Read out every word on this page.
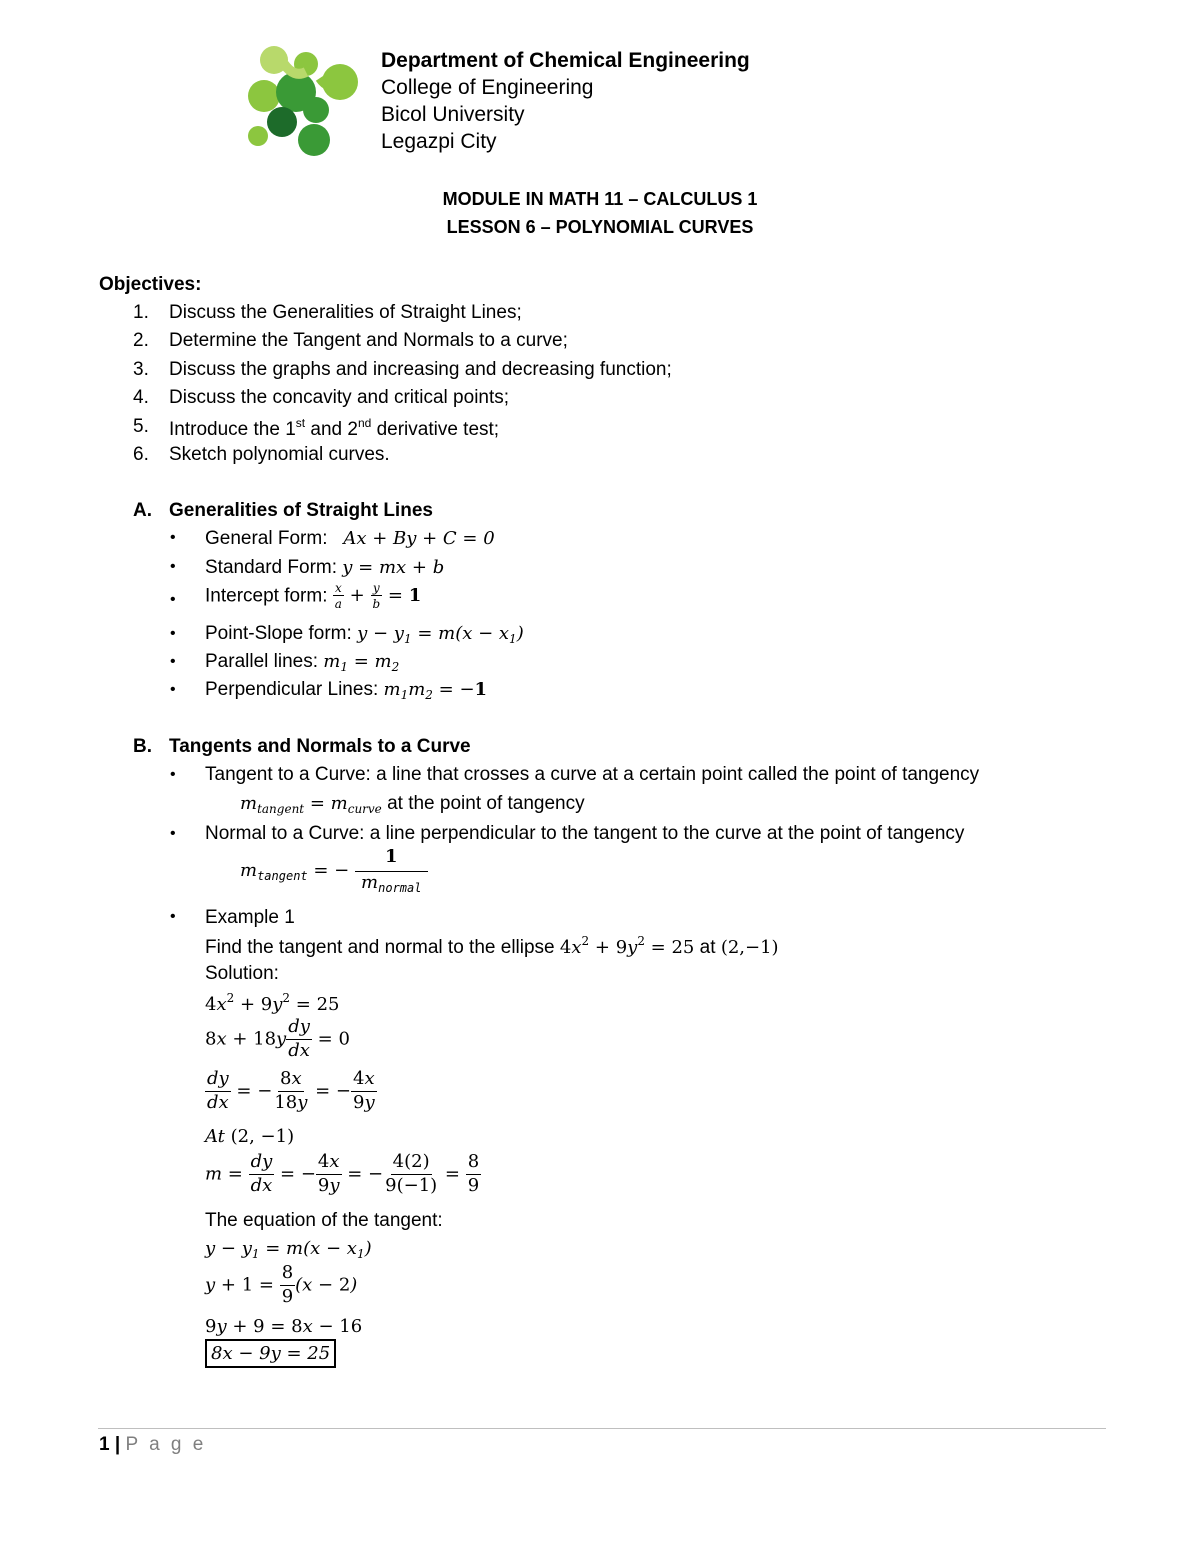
Department of Chemical Engineering
College of Engineering
Bicol University
Legazpi City
MODULE IN MATH 11 – CALCULUS 1
LESSON 6 – POLYNOMIAL CURVES
Objectives:
1. Discuss the Generalities of Straight Lines;
2. Determine the Tangent and Normals to a curve;
3. Discuss the graphs and increasing and decreasing function;
4. Discuss the concavity and critical points;
5. Introduce the 1st and 2nd derivative test;
6. Sketch polynomial curves.
A. Generalities of Straight Lines
• General Form: Ax + By + C = 0
• Standard Form: y = mx + b
• Intercept form: $\frac{x}{a} + \frac{y}{b} = 1$
• Point-Slope form: $y - y_1 = m(x - x_1)$
• Parallel lines: $m_1 = m_2$
• Perpendicular Lines: $m_1m_2 = -1$
B. Tangents and Normals to a Curve
• Tangent to a Curve: a line that crosses a curve at a certain point called the point of tangency
$m_{tangent} = m_{curve}$ at the point of tangency
• Normal to a Curve: a line perpendicular to the tangent to the curve at the point of tangency
$m_{tangent}$ = − $\frac{1}{m_{normal}}$
• Example 1
Find the tangent and normal to the ellipse $4x^2 + 9y^2 = 25$ at (2,−1)
Solution:
$4x^2 + 9y^2 = 25$
$8x + 18y \frac{dy}{dx} = 0$
$\frac{dy}{dx}$ = − $\frac{8x}{18y}$ = − $\frac{4x}{9y}$
At (2, −1)
$m = \frac{dy}{dx}$ = − $\frac{4x}{9y}$ = − $\frac{4(2)}{9(-1)} = \frac{8}{9}$
The equation of the tangent:
$y - y_1 = m(x - x_1)$
$y + 1 = \frac{8}{9} (x - 2)$
9y + 9 = 8x − 16
8x − 9y = 25
1 | P a g e
